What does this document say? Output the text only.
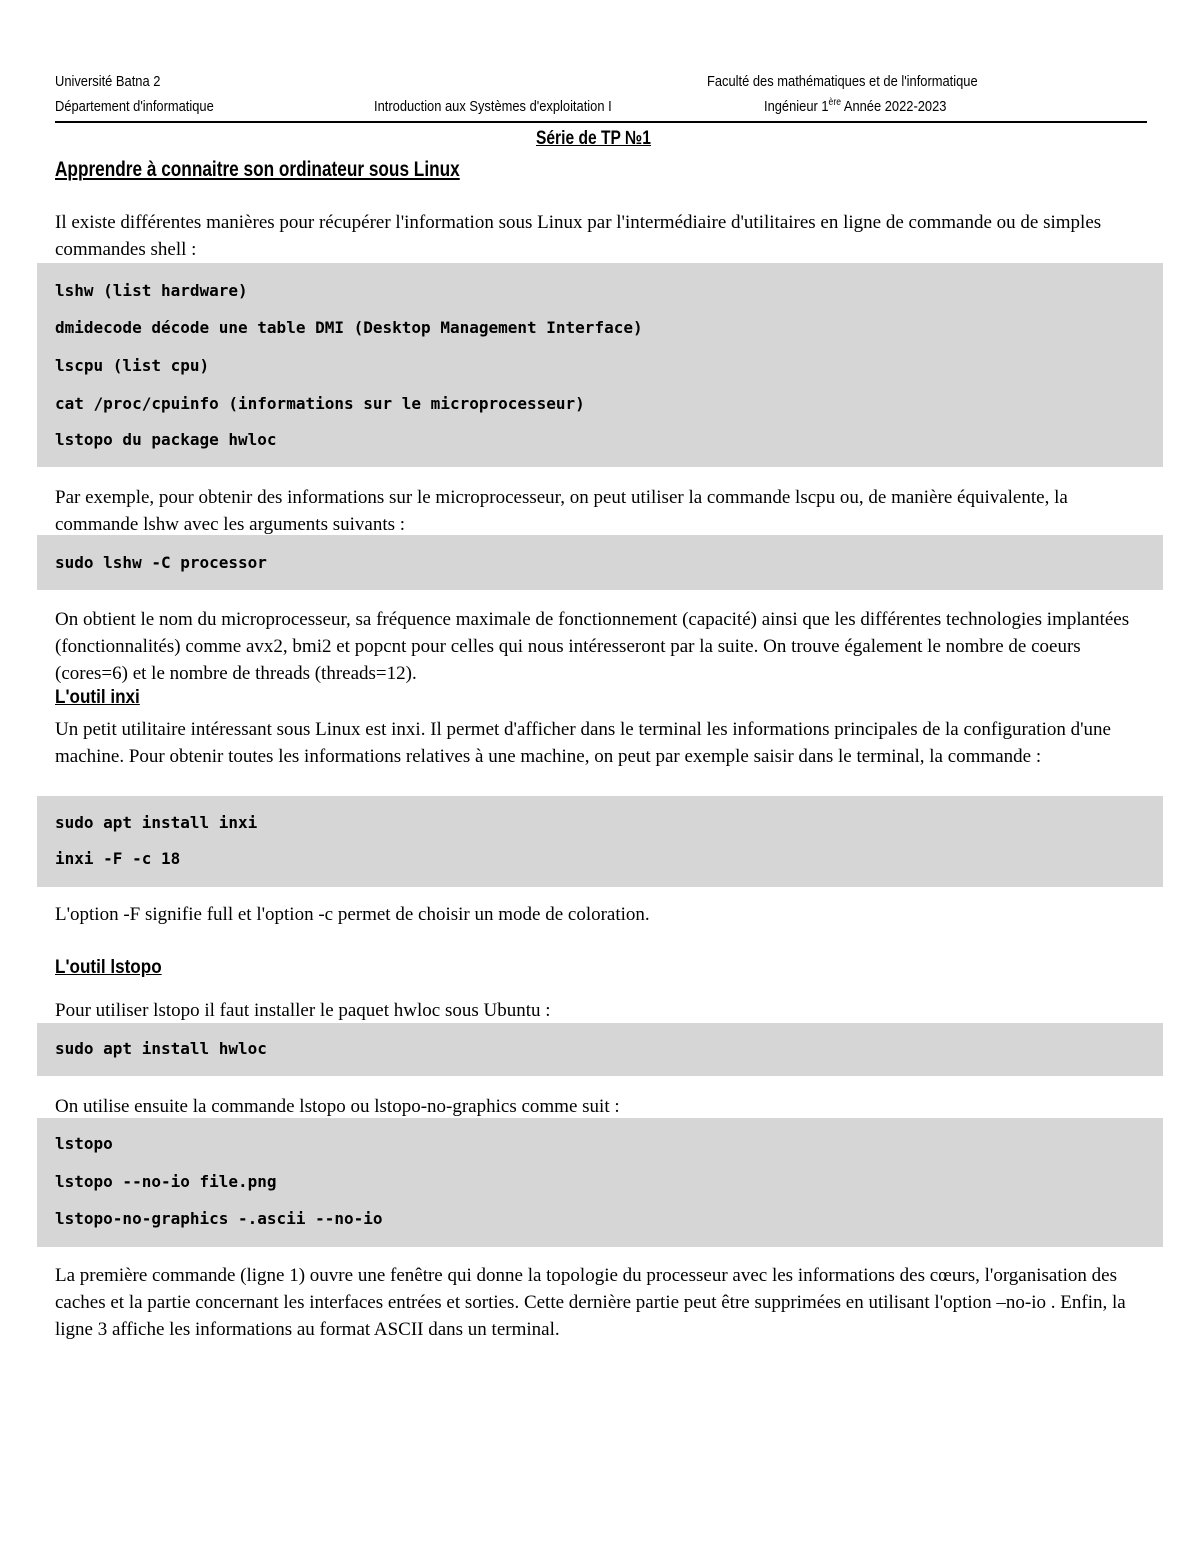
Université Batna 2
Département d'informatique	Introduction aux Systèmes d'exploitation I
Faculté des mathématiques et de l'informatique
Ingénieur 1ère Année 2022-2023
Série de TP №1
Apprendre à connaitre son ordinateur sous Linux

Il existe différentes manières pour récupérer l'information sous Linux par l'intermédiaire d'utilitaires en ligne de commande ou de simples commandes shell :

lshw (list hardware)
dmidecode décode une table DMI (Desktop Management Interface)
lscpu (list cpu)
cat /proc/cpuinfo (informations sur le microprocesseur)
lstopo du package hwloc

Par exemple, pour obtenir des informations sur le microprocesseur, on peut utiliser la commande lscpu ou, de manière équivalente, la commande lshw avec les arguments suivants :

sudo lshw -C processor

On obtient le nom du microprocesseur, sa fréquence maximale de fonctionnement (capacité) ainsi que les différentes technologies implantées (fonctionnalités) comme avx2, bmi2 et popcnt pour celles qui nous intéresseront par la suite. On trouve également le nombre de coeurs (cores=6) et le nombre de threads (threads=12).

L'outil inxi

Un petit utilitaire intéressant sous Linux est inxi. Il permet d'afficher dans le terminal les informations principales de la configuration d'une machine. Pour obtenir toutes les informations relatives à une machine, on peut par exemple saisir dans le terminal, la commande :

sudo apt install inxi
inxi -F -c 18

L'option -F signifie full et l'option -c permet de choisir un mode de coloration.

L'outil lstopo

Pour utiliser lstopo il faut installer le paquet hwloc sous Ubuntu :

sudo apt install hwloc

On utilise ensuite la commande lstopo ou lstopo-no-graphics comme suit :

lstopo
lstopo --no-io file.png
lstopo-no-graphics -.ascii --no-io

La première commande (ligne 1) ouvre une fenêtre qui donne la topologie du processeur avec les informations des cœurs, l'organisation des caches et la partie concernant les interfaces entrées et sorties. Cette dernière partie peut être supprimées en utilisant l'option –no-io . Enfin, la ligne 3 affiche les informations au format ASCII dans un terminal.
